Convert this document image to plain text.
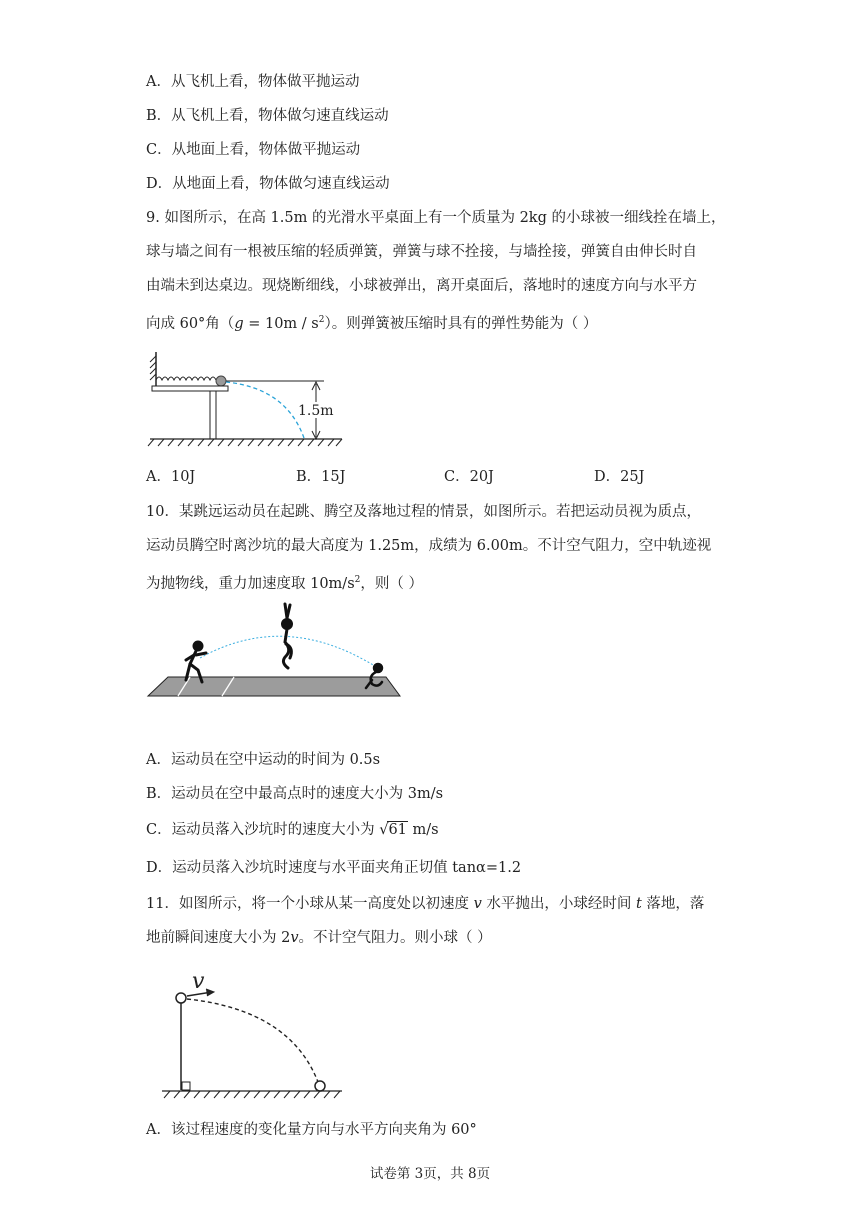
A．从飞机上看，物体做平抛运动
B．从飞机上看，物体做匀速直线运动
C．从地面上看，物体做平抛运动
D．从地面上看，物体做匀速直线运动
9. 如图所示，在高 1.5m 的光滑水平桌面上有一个质量为 2kg 的小球被一细线拴在墙上，
球与墙之间有一根被压缩的轻质弹簧，弹簧与球不拴接，与墙拴接，弹簧自由伸长时自
由端未到达桌边。现烧断细线，小球被弹出，离开桌面后，落地时的速度方向与水平方
向成 60°角$(g = 10m / s^2)$。则弹簧被压缩时具有的弹性势能为（ ）
1.5m
A．10J	B．15J	C．20J	D．25J
10．某跳远运动员在起跳、腾空及落地过程的情景，如图所示。若把运动员视为质点，
运动员腾空时离沙坑的最大高度为 1.25m，成绩为 6.00m。不计空气阻力，空中轨迹视
为抛物线，重力加速度取 $10m/s^2$，则（ ）
A．运动员在空中运动的时间为 0.5s
B．运动员在空中最高点时的速度大小为 3m/s
C．运动员落入沙坑时的速度大小为 √61 m/s
D．运动员落入沙坑时速度与水平面夹角正切值 tanα=1.2
11．如图所示，将一个小球从某一高度处以初速度 v 水平抛出，小球经时间 t 落地，落
地前瞬间速度大小为 2v。不计空气阻力。则小球（ ）
v
A．该过程速度的变化量方向与水平方向夹角为 60°
试卷第 3页，共 8页
